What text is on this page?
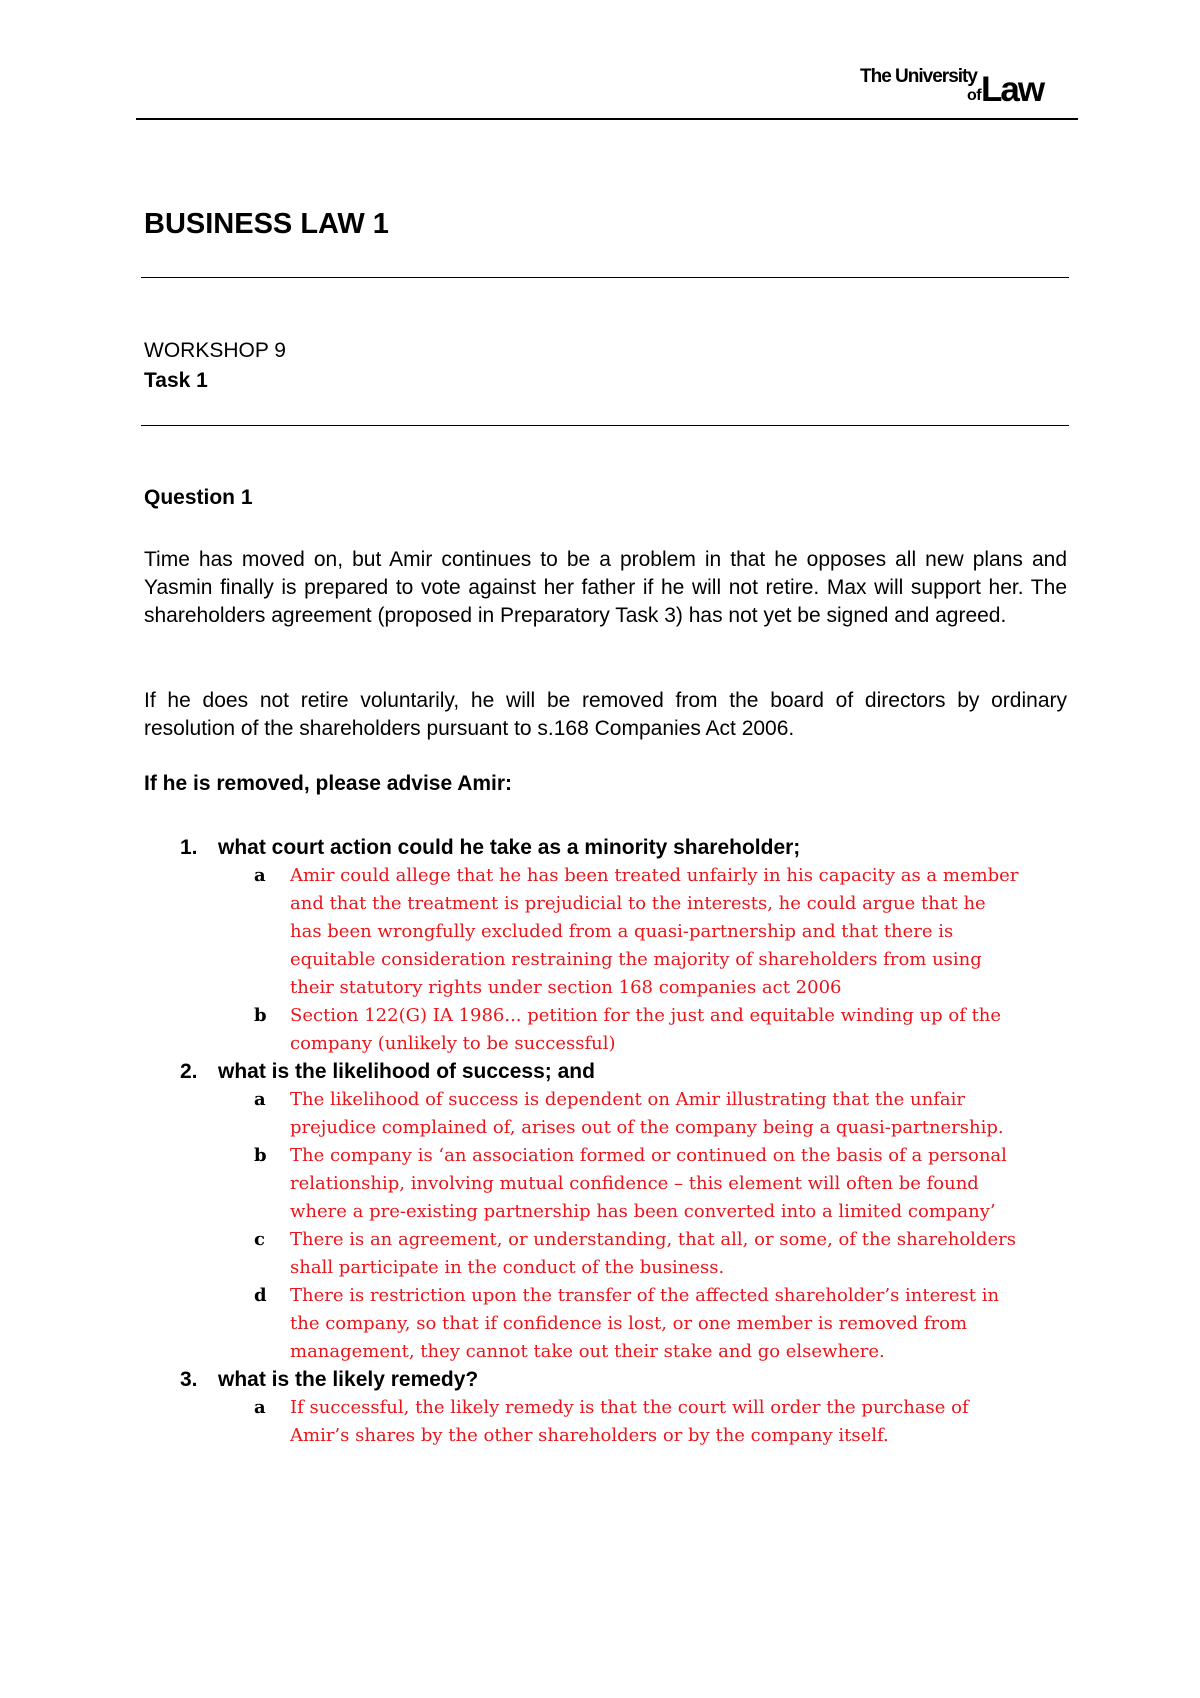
The University
of Law
BUSINESS LAW 1
WORKSHOP 9
Task 1
Question 1
Time has moved on, but Amir continues to be a problem in that he opposes all new plans and Yasmin finally is prepared to vote against her father if he will not retire. Max will support her. The shareholders agreement (proposed in Preparatory Task 3) has not yet be signed and agreed.
If he does not retire voluntarily, he will be removed from the board of directors by ordinary resolution of the shareholders pursuant to s.168 Companies Act 2006.
If he is removed, please advise Amir:
1. what court action could he take as a minority shareholder;
a Amir could allege that he has been treated unfairly in his capacity as a member
and that the treatment is prejudicial to the interests, he could argue that he
has been wrongfully excluded from a quasi-partnership and that there is
equitable consideration restraining the majority of shareholders from using
their statutory rights under section 168 companies act 2006
b Section 122(G) IA 1986... petition for the just and equitable winding up of the
company (unlikely to be successful)
2. what is the likelihood of success; and
a The likelihood of success is dependent on Amir illustrating that the unfair
prejudice complained of, arises out of the company being a quasi-partnership.
b The company is ‘an association formed or continued on the basis of a personal
relationship, involving mutual confidence – this element will often be found
where a pre-existing partnership has been converted into a limited company’
c There is an agreement, or understanding, that all, or some, of the shareholders
shall participate in the conduct of the business.
d There is restriction upon the transfer of the affected shareholder’s interest in
the company, so that if confidence is lost, or one member is removed from
management, they cannot take out their stake and go elsewhere.
3. what is the likely remedy?
a If successful, the likely remedy is that the court will order the purchase of
Amir’s shares by the other shareholders or by the company itself.
